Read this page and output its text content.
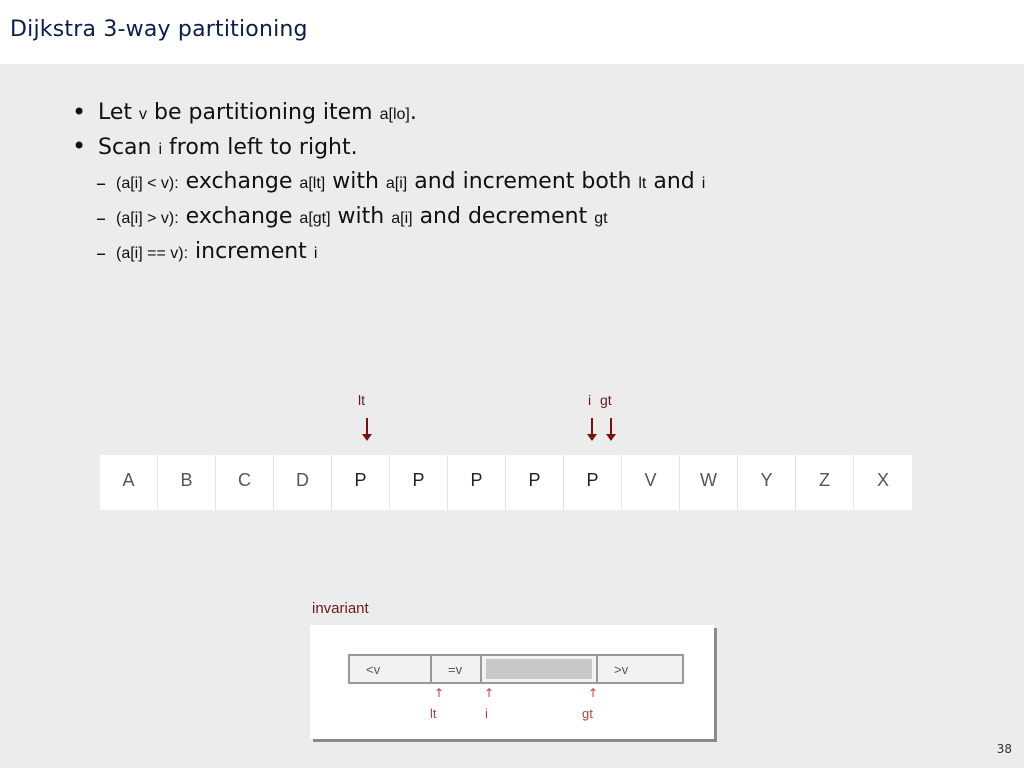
Dijkstra 3-way partitioning
• Let v be partitioning item a[lo].
• Scan i from left to right.
– (a[i] < v): exchange a[lt] with a[i] and increment both lt and i
– (a[i] > v): exchange a[gt] with a[i] and decrement gt
– (a[i] == v): increment i
lt	i gt
A	B	C	D	P	P	P	P	P	V	W	Y	Z	X
invariant
<v	=v	>v
↑	↑	↑
lt	i	gt
38
